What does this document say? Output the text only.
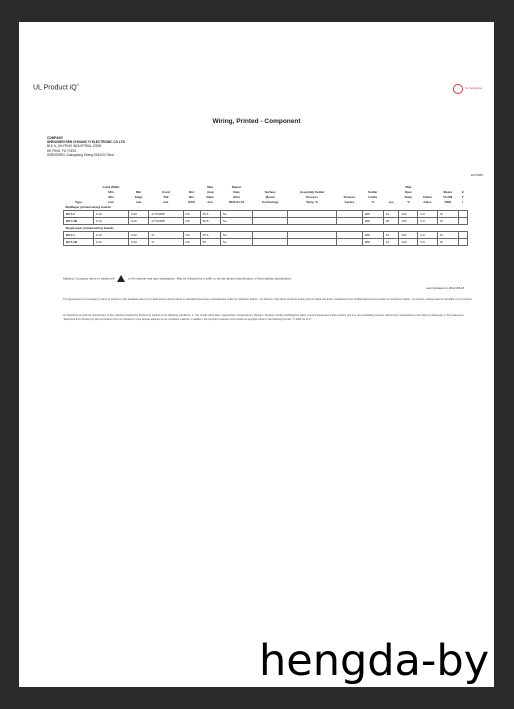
UL Product iQ®
UL Solutions
Wiring, Printed - Component
COMPANY
SHENZHEN REN CHUANG YI ELECTRONIC CO LTD
BLK A, JIN FENG INDUSTRIAL ZONE
HE PING, FU YONG
SHENZHEN, Guangdong Sheng 518103 China
E374666
	Cond Width				Max	Report						Max			
	Min	Min	Cond	IEL/	Area	Date	Surface	Assembly Solder		Solder		Oper		Meets	C
	Min	Edge	Thk	IEL/	Diam	After	Mount	Process	Process	Limits		Temp	Flame	UL796	T
Type	mm	mm	mic	RSO	mm	2022-01-01	Technology	Temp °C	Cycles	°C	sec	°C	Class	DSR	I
Multilayer printed wiring boards															
RCY-2	0.10	0.20	17.5/4688	DS	25.6	No				288	10	130	V-0	W	
RCY-2B	0.10	0.20	17.5/4688	DS	50.8	No				288	20	130	V-0	W	
Single layer printed wiring boards															
RCY-1	0.10	0.20	17	DS	25.6	No				288	10	130	V-0	W	
RCY-1B	0.10	0.20	17	DS	50	No				288	10	130	V-0	W	
Marking: Company name or trademark	or file number and type designation. May be followed by a suffix to denote factory identification or flammability classification.
Last Updated on 2022-08-18
The appearance of a company's name or product in this database does not in itself assure that products so identified have been manufactured under UL Solutions' Follow - Up Service. Only those products bearing the UL Mark should be considered to be Certified and covered under UL Solutions' Follow - Up Service. Always look for the Mark on the product.
UL Solutions permits the reproduction of the material contained in Product iQ subject to the following conditions: 1. The Guide Information, Assemblies, Constructions, Designs, Systems, and/or Certifications (files) must be presented in their entirety and in a non-misleading manner, without any manipulation of the data (or drawings). 2. The statement "Reprinted from Product iQ with permission from UL Solutions" must appear adjacent to the extracted material. In addition, the reprinted material must include a copyright notice in the following format: "© 2022 UL LLC".
hengda-by
